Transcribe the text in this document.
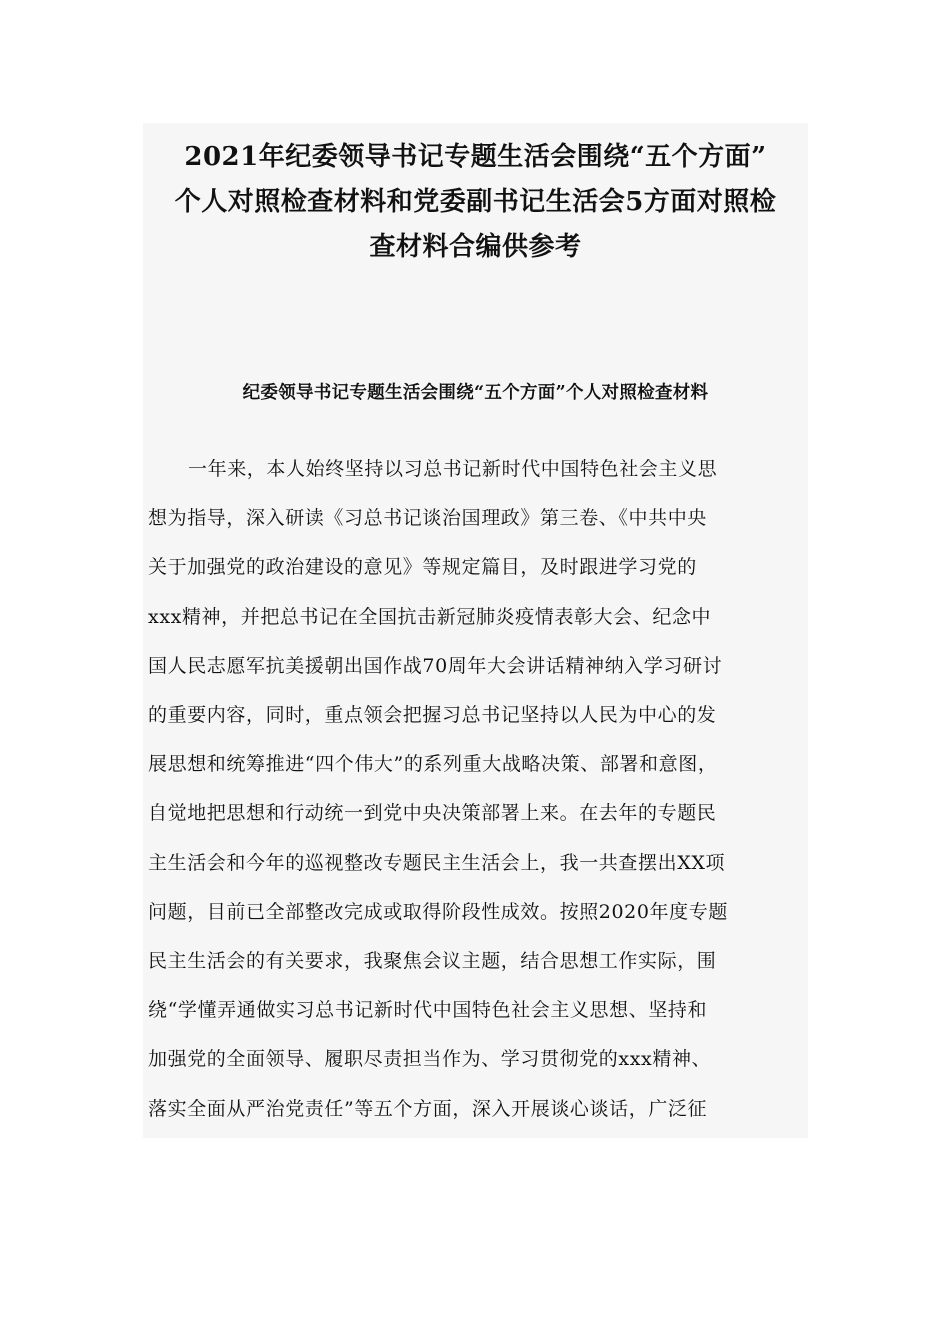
2021年纪委领导书记专题生活会围绕“五个方面”
个人对照检查材料和党委副书记生活会5方面对照检
查材料合编供参考
纪委领导书记专题生活会围绕“五个方面”个人对照检查材料
一年来，本人始终坚持以习总书记新时代中国特色社会主义思
想为指导，深入研读《习总书记谈治国理政》第三卷、《中共中央
关于加强党的政治建设的意见》等规定篇目，及时跟进学习党的
xxx精神，并把总书记在全国抗击新冠肺炎疫情表彰大会、纪念中
国人民志愿军抗美援朝出国作战70周年大会讲话精神纳入学习研讨
的重要内容，同时，重点领会把握习总书记坚持以人民为中心的发
展思想和统筹推进“四个伟大”的系列重大战略决策、部署和意图，
自觉地把思想和行动统一到党中央决策部署上来。在去年的专题民
主生活会和今年的巡视整改专题民主生活会上，我一共查摆出XX项
问题，目前已全部整改完成或取得阶段性成效。按照2020年度专题
民主生活会的有关要求，我聚焦会议主题，结合思想工作实际，围
绕“学懂弄通做实习总书记新时代中国特色社会主义思想、坚持和
加强党的全面领导、履职尽责担当作为、学习贯彻党的xxx精神、
落实全面从严治党责任”等五个方面，深入开展谈心谈话，广泛征
